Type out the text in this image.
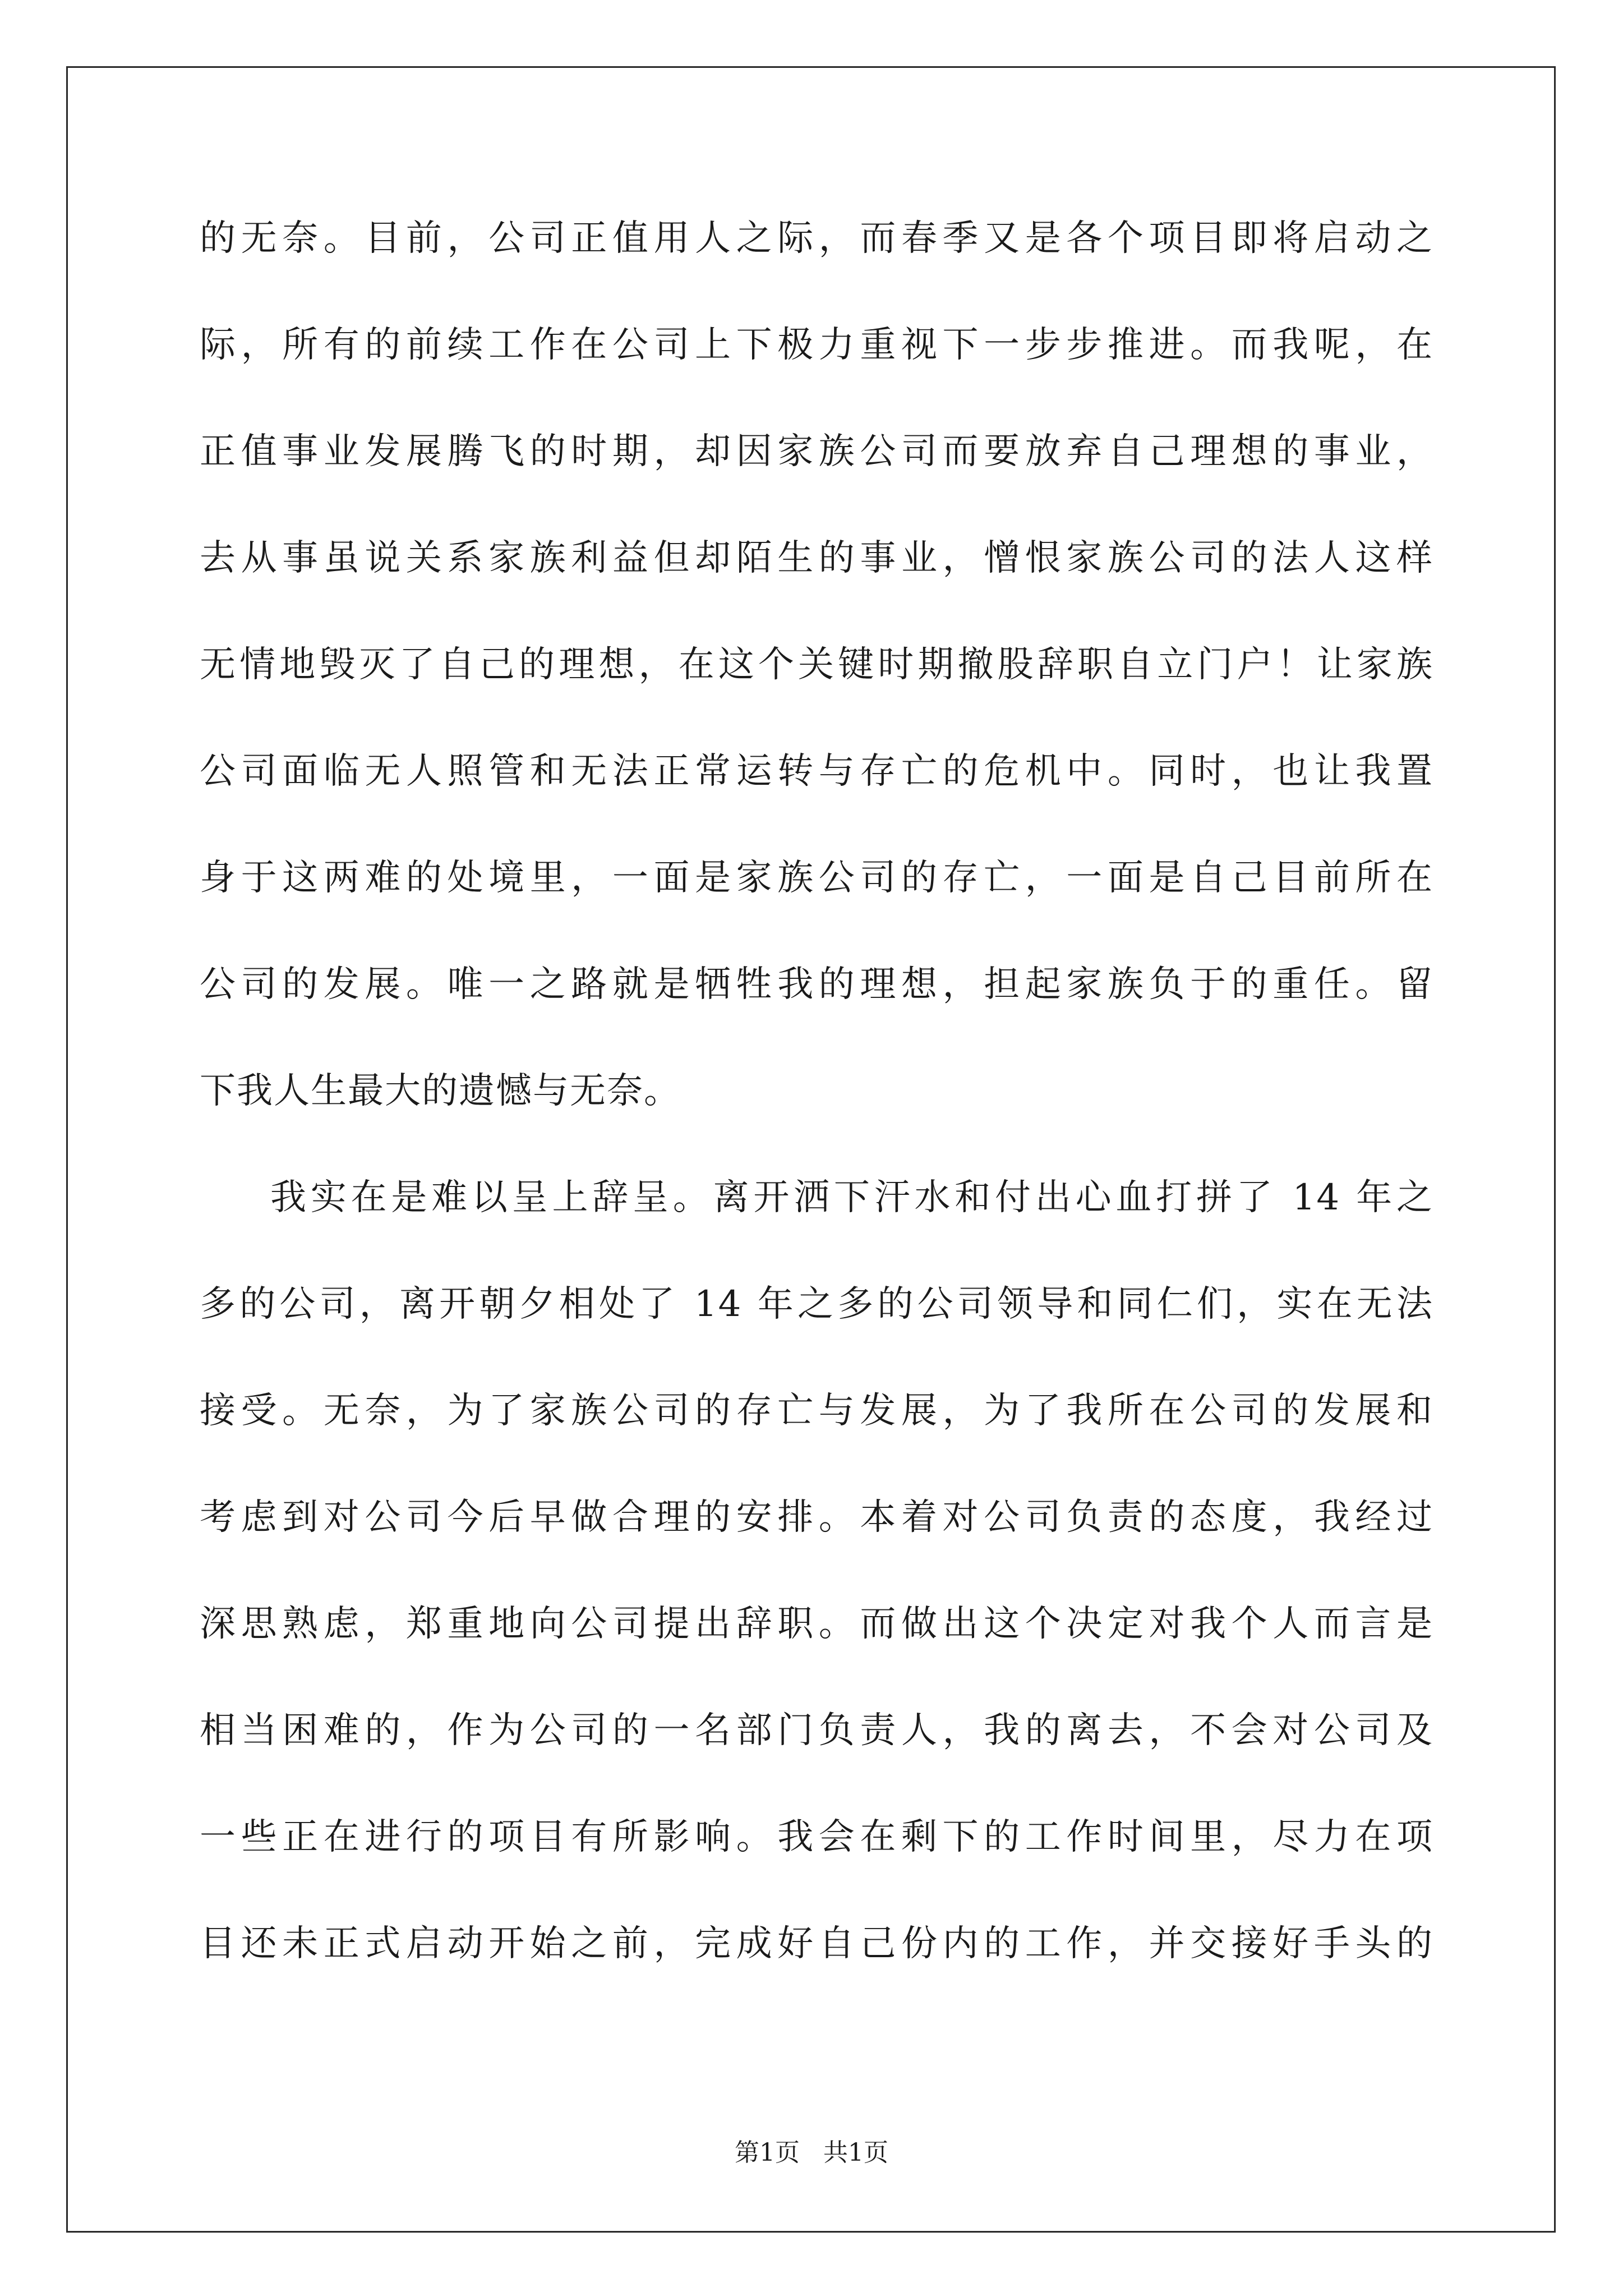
的无奈。目前，公司正值用人之际，而春季又是各个项目即将启动之
际，所有的前续工作在公司上下极力重视下一步步推进。而我呢，在
正值事业发展腾飞的时期，却因家族公司而要放弃自己理想的事业，
去从事虽说关系家族利益但却陌生的事业，憎恨家族公司的法人这样
无情地毁灭了自己的理想，在这个关键时期撤股辞职自立门户！让家族
公司面临无人照管和无法正常运转与存亡的危机中。同时，也让我置
身于这两难的处境里，一面是家族公司的存亡，一面是自己目前所在
公司的发展。唯一之路就是牺牲我的理想，担起家族负于的重任。留
下我人生最大的遗憾与无奈。
我实在是难以呈上辞呈。离开洒下汗水和付出心血打拼了 14 年之
多的公司，离开朝夕相处了 14 年之多的公司领导和同仁们，实在无法
接受。无奈，为了家族公司的存亡与发展，为了我所在公司的发展和
考虑到对公司今后早做合理的安排。本着对公司负责的态度，我经过
深思熟虑，郑重地向公司提出辞职。而做出这个决定对我个人而言是
相当困难的，作为公司的一名部门负责人，我的离去，不会对公司及
一些正在进行的项目有所影响。我会在剩下的工作时间里，尽力在项
目还未正式启动开始之前，完成好自己份内的工作，并交接好手头的
第1页   共1页
